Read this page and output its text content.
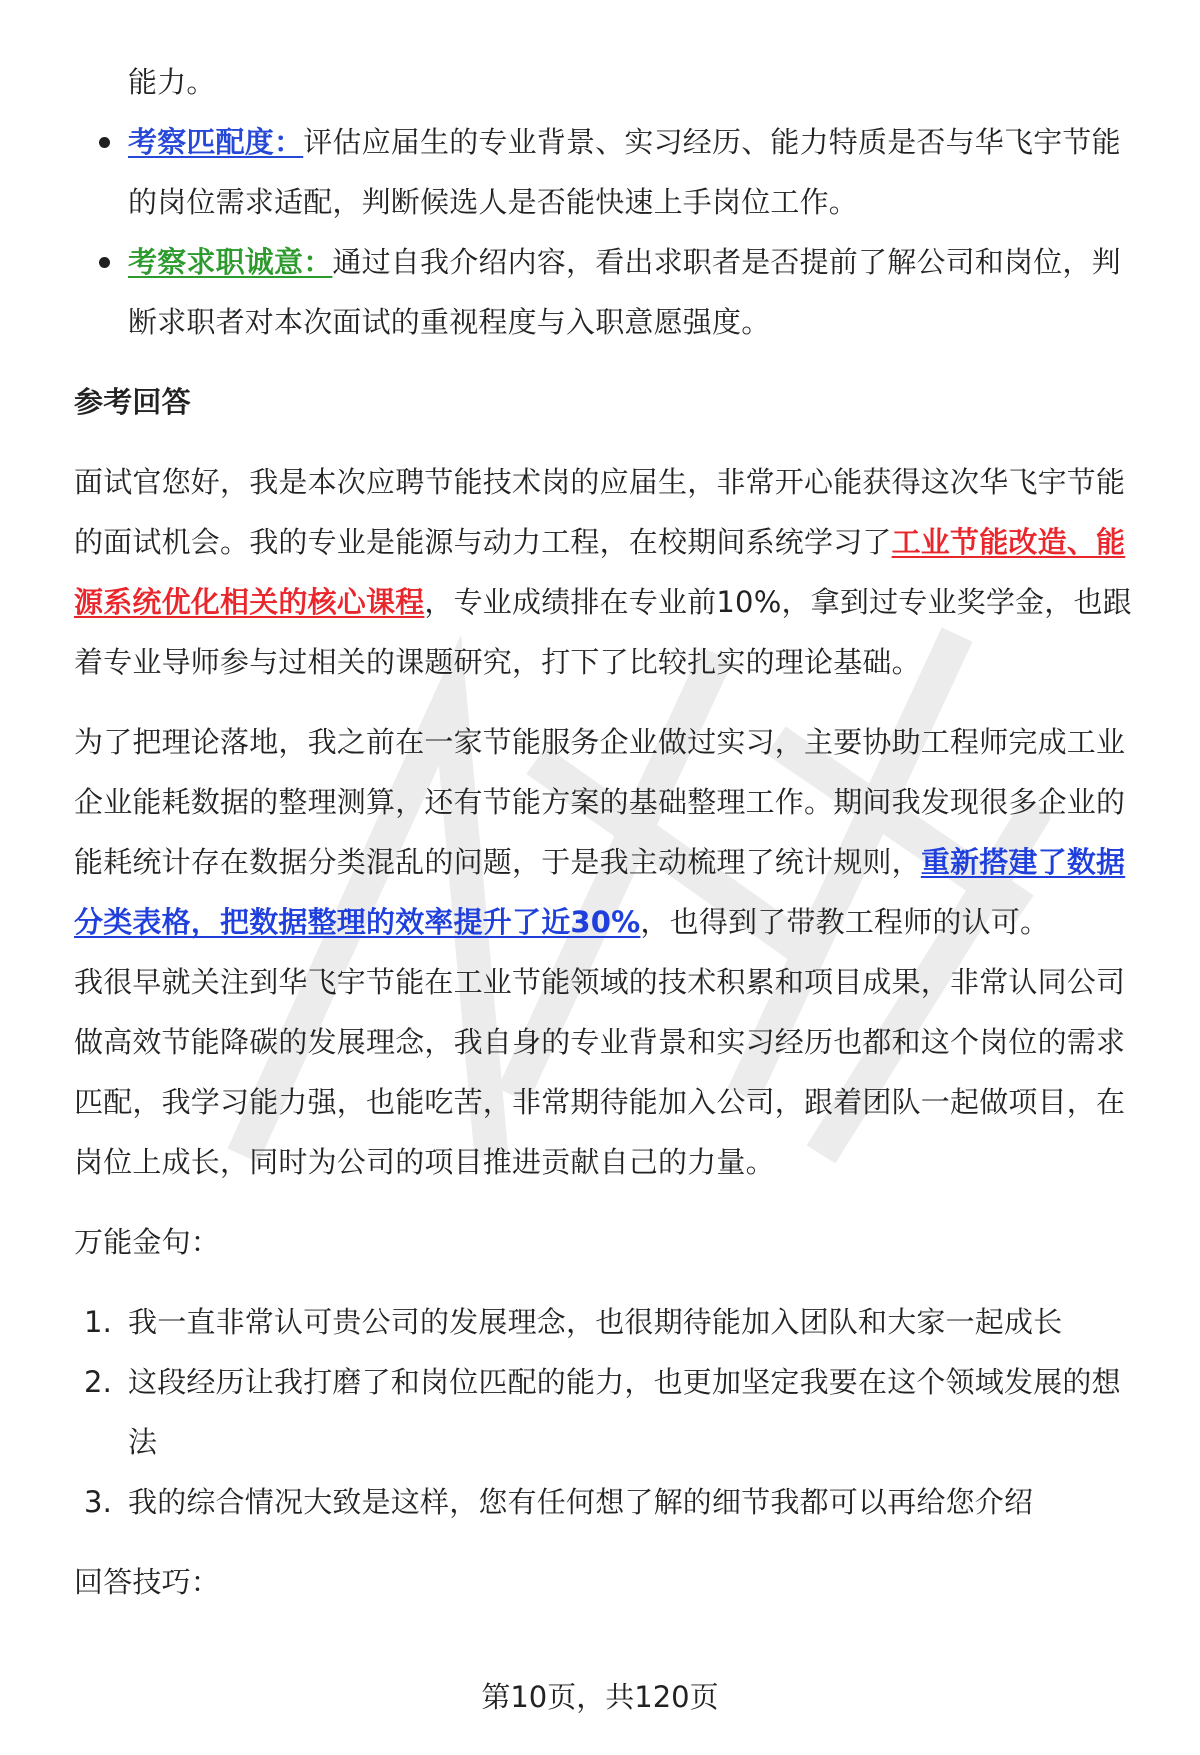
能力。

考察匹配度：评估应届生的专业背景、实习经历、能力特质是否与华飞宇节能的岗位需求适配，判断候选人是否能快速上手岗位工作。
考察求职诚意：通过自我介绍内容，看出求职者是否提前了解公司和岗位，判断求职者对本次面试的重视程度与入职意愿强度。

参考回答

面试官您好，我是本次应聘节能技术岗的应届生，非常开心能获得这次华飞宇节能的面试机会。我的专业是能源与动力工程，在校期间系统学习了工业节能改造、能源系统优化相关的核心课程，专业成绩排在专业前10%，拿到过专业奖学金，也跟着专业导师参与过相关的课题研究，打下了比较扎实的理论基础。

为了把理论落地，我之前在一家节能服务企业做过实习，主要协助工程师完成工业企业能耗数据的整理测算，还有节能方案的基础整理工作。期间我发现很多企业的能耗统计存在数据分类混乱的问题，于是我主动梳理了统计规则，重新搭建了数据分类表格，把数据整理的效率提升了近30%，也得到了带教工程师的认可。

我很早就关注到华飞宇节能在工业节能领域的技术积累和项目成果，非常认同公司做高效节能降碳的发展理念，我自身的专业背景和实习经历也都和这个岗位的需求匹配，我学习能力强，也能吃苦，非常期待能加入公司，跟着团队一起做项目，在岗位上成长，同时为公司的项目推进贡献自己的力量。

万能金句：

1. 我一直非常认可贵公司的发展理念，也很期待能加入团队和大家一起成长
2. 这段经历让我打磨了和岗位匹配的能力，也更加坚定我要在这个领域发展的想法
3. 我的综合情况大致是这样，您有任何想了解的细节我都可以再给您介绍

回答技巧：

第10页，共120页
